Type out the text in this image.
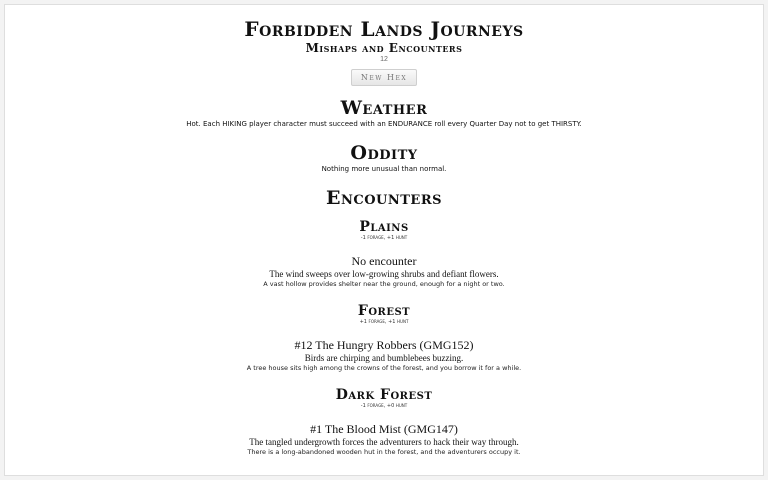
Forbidden Lands Journeys
Mishaps and Encounters
12
New Hex
Weather
Hot. Each HIKING player character must succeed with an ENDURANCE roll every Quarter Day not to get THIRSTY.
Oddity
Nothing more unusual than normal.
Encounters
Plains
-1 forage, +1 hunt
No encounter
The wind sweeps over low-growing shrubs and defiant flowers.
A vast hollow provides shelter near the ground, enough for a night or two.
Forest
+1 forage, +1 hunt
#12 The Hungry Robbers (GMG152)
Birds are chirping and bumblebees buzzing.
A tree house sits high among the crowns of the forest, and you borrow it for a while.
Dark Forest
-1 forage, +0 hunt
#1 The Blood Mist (GMG147)
The tangled undergrowth forces the adventurers to hack their way through.
There is a long-abandoned wooden hut in the forest, and the adventurers occupy it.
